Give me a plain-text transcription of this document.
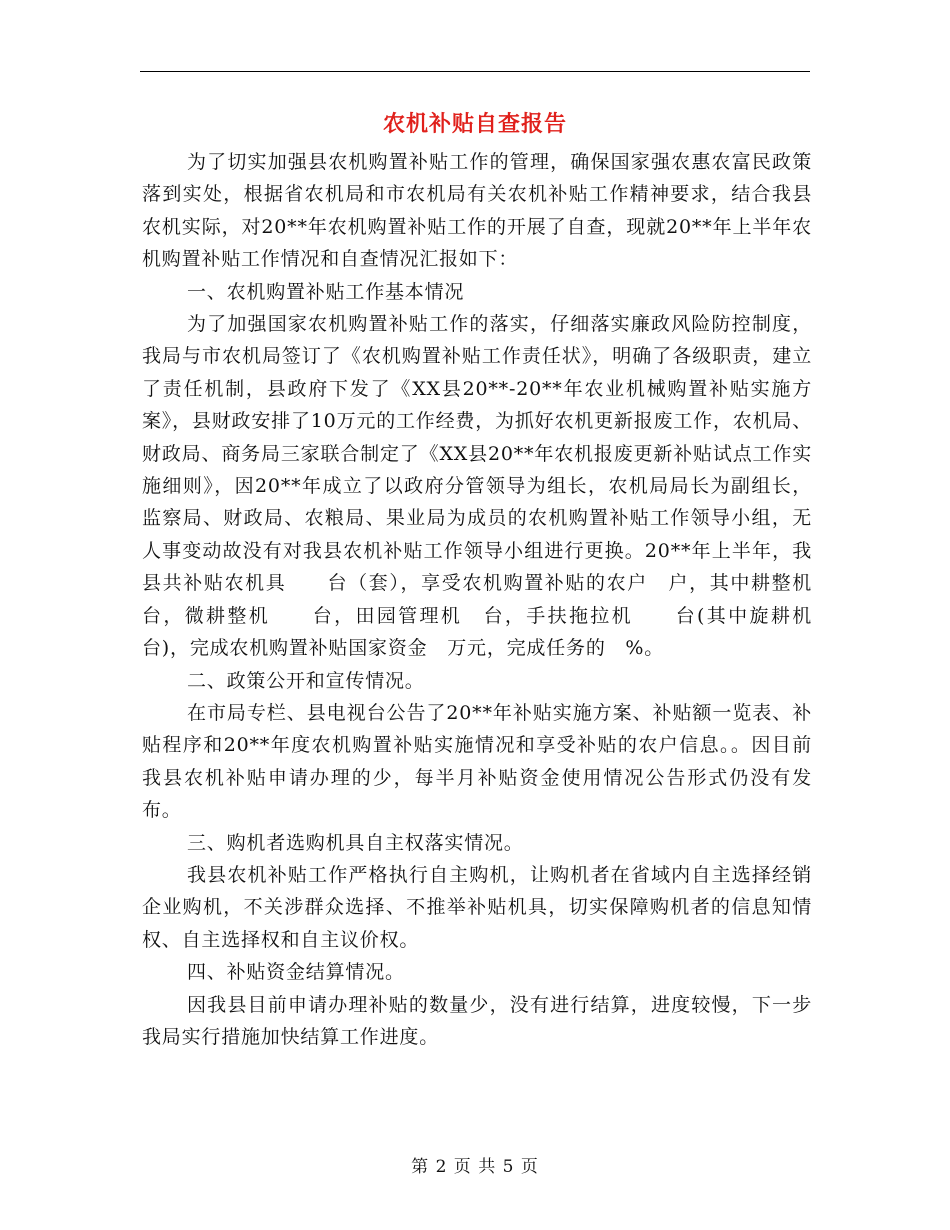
农机补贴自查报告

为了切实加强县农机购置补贴工作的管理，确保国家强农惠农富民政策落到实处，根据省农机局和市农机局有关农机补贴工作精神要求，结合我县农机实际，对20**年农机购置补贴工作的开展了自查，现就20**年上半年农机购置补贴工作情况和自查情况汇报如下：

一、农机购置补贴工作基本情况

为了加强国家农机购置补贴工作的落实，仔细落实廉政风险防控制度，我局与市农机局签订了《农机购置补贴工作责任状》，明确了各级职责，建立了责任机制，县政府下发了《XX县20**-20**年农业机械购置补贴实施方案》，县财政安排了10万元的工作经费，为抓好农机更新报废工作，农机局、财政局、商务局三家联合制定了《XX县20**年农机报废更新补贴试点工作实施细则》，因20**年成立了以政府分管领导为组长，农机局局长为副组长，监察局、财政局、农粮局、果业局为成员的农机购置补贴工作领导小组，无人事变动故没有对我县农机补贴工作领导小组进行更换。20**年上半年，我县共补贴农机具　　台（套），享受农机购置补贴的农户　户，其中耕整机　　台，微耕整机　　台，田园管理机　台，手扶拖拉机　　台(其中旋耕机　台)，完成农机购置补贴国家资金　万元，完成任务的　%。

二、政策公开和宣传情况。

在市局专栏、县电视台公告了20**年补贴实施方案、补贴额一览表、补贴程序和20**年度农机购置补贴实施情况和享受补贴的农户信息。。因目前我县农机补贴申请办理的少，每半月补贴资金使用情况公告形式仍没有发布。

三、购机者选购机具自主权落实情况。

我县农机补贴工作严格执行自主购机，让购机者在省域内自主选择经销企业购机，不关涉群众选择、不推举补贴机具，切实保障购机者的信息知情权、自主选择权和自主议价权。

四、补贴资金结算情况。

因我县目前申请办理补贴的数量少，没有进行结算，进度较慢，下一步我局实行措施加快结算工作进度。

第 2 页 共 5 页
